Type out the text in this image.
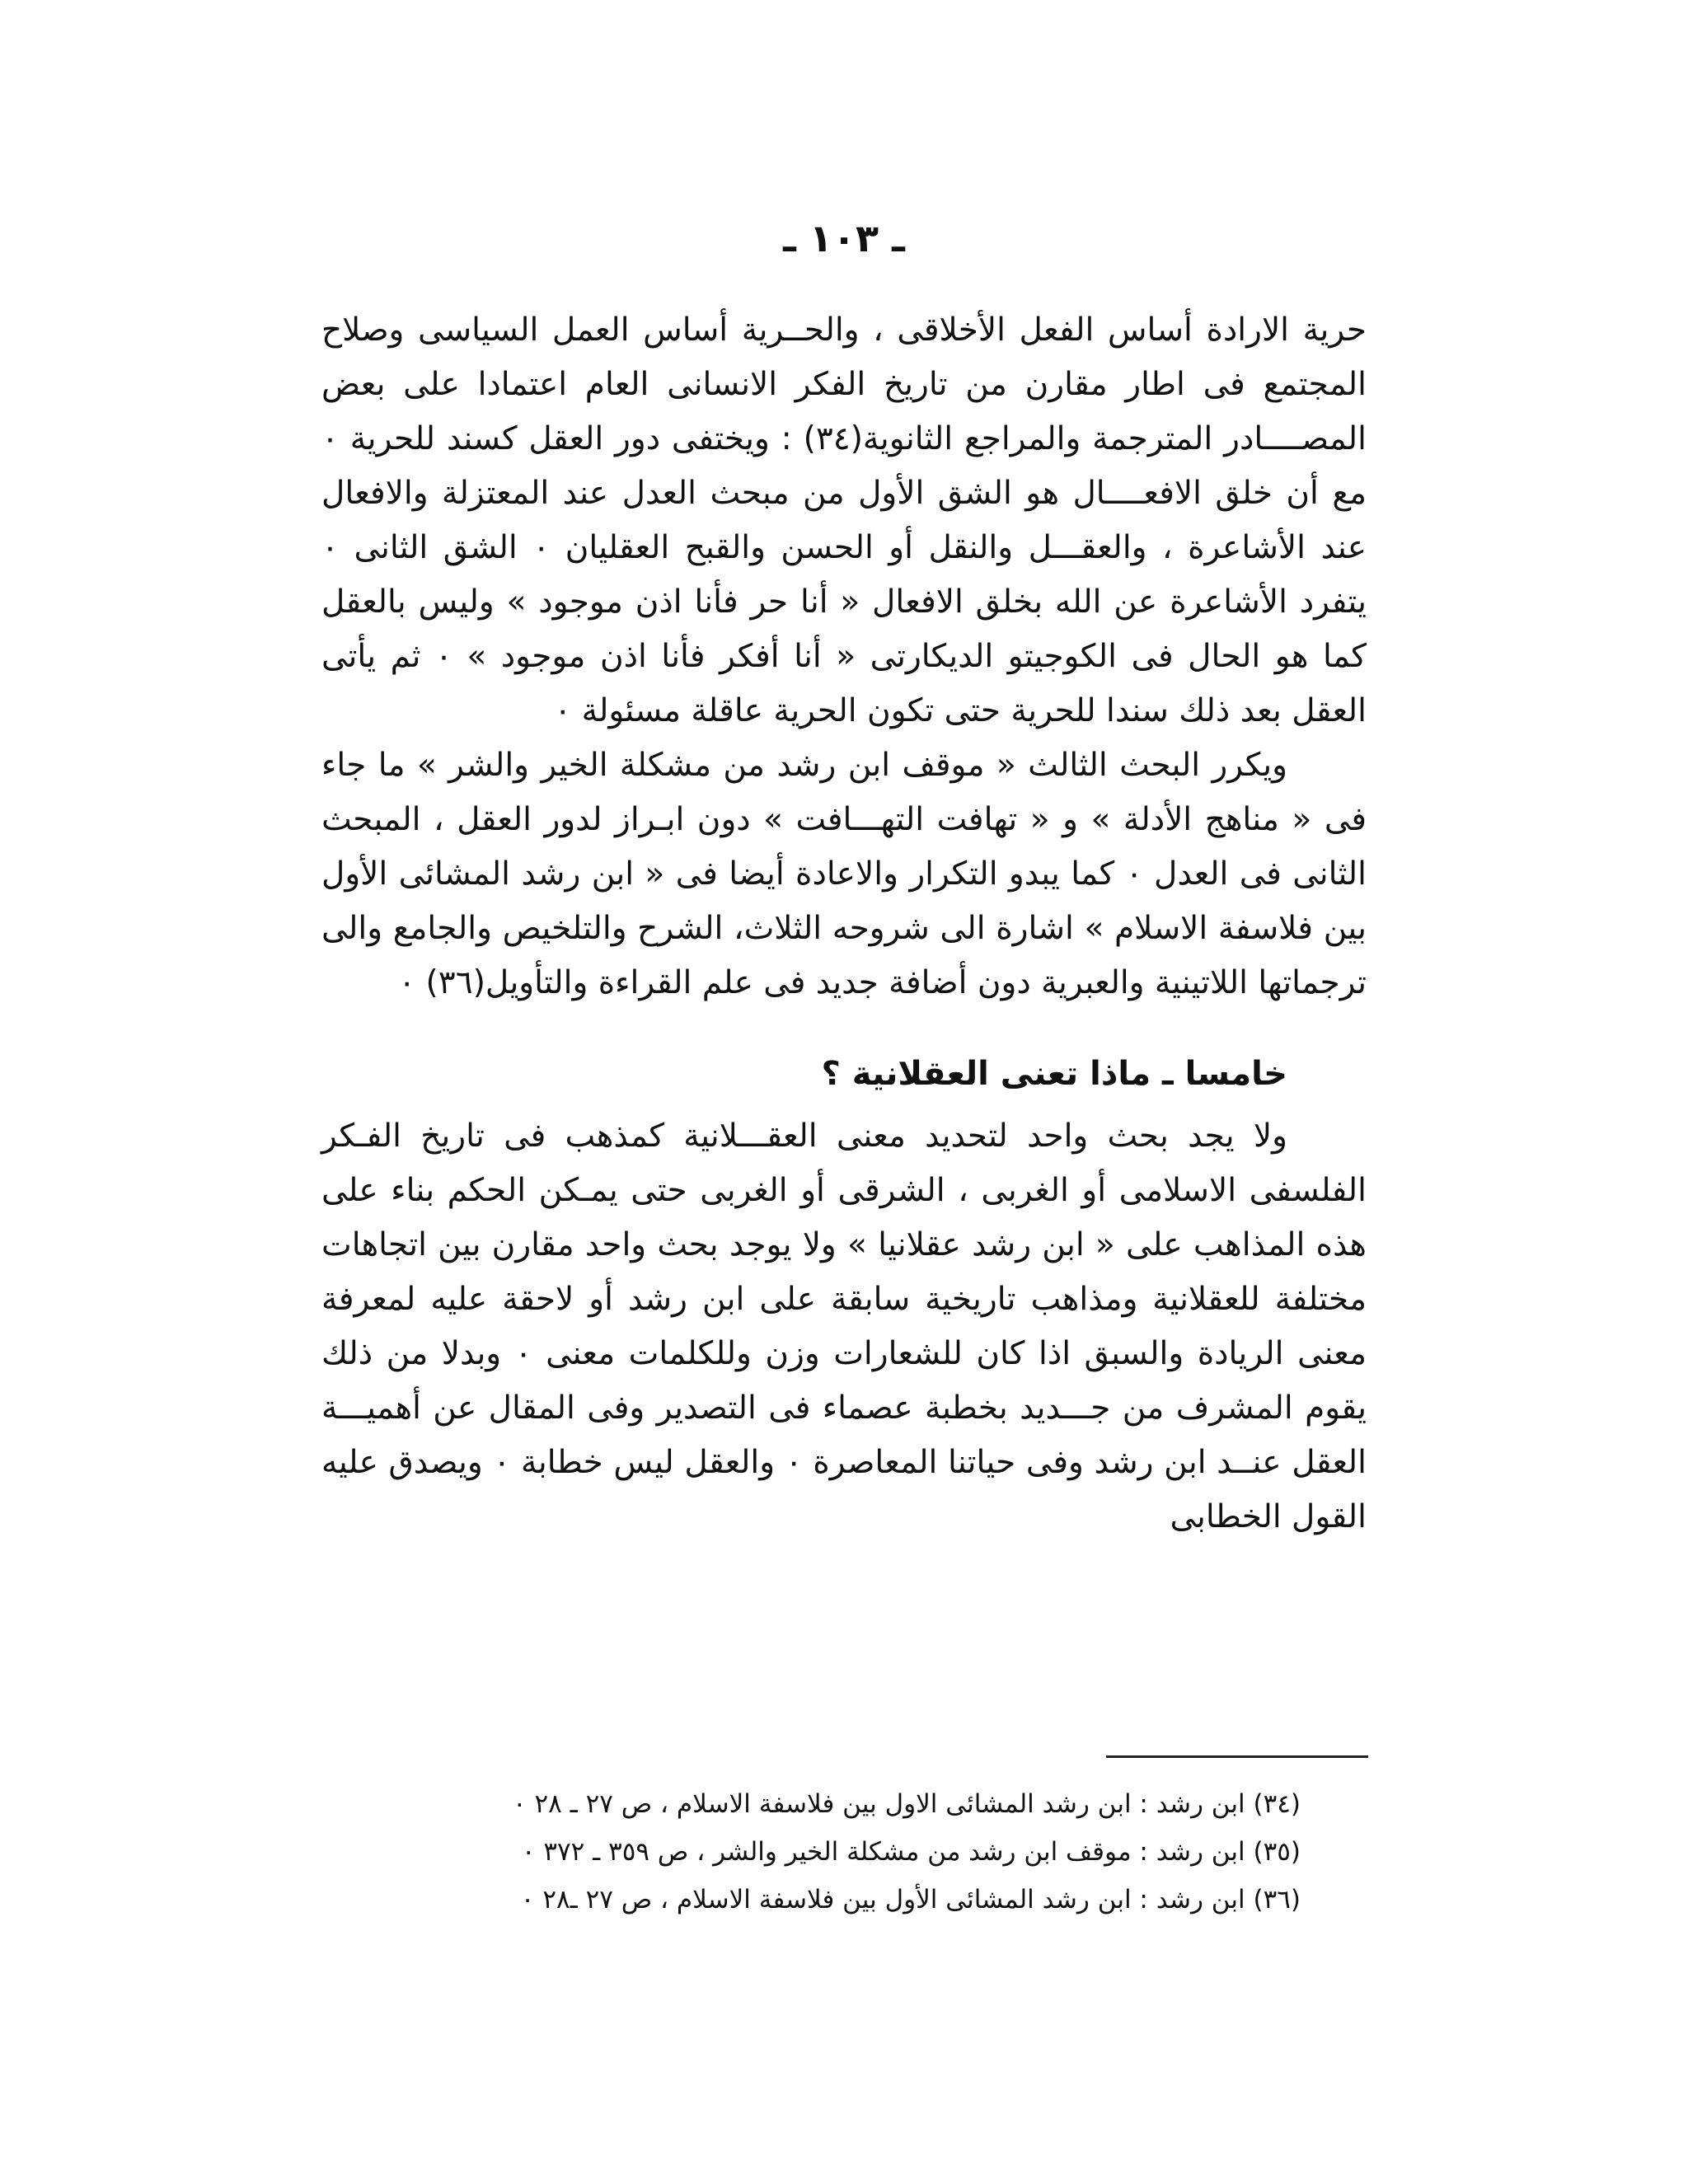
ـ ١٠٣ ـ

حرية الارادة أساس الفعل الأخلاقى ، والحــرية أساس العمل السياسى وصلاح المجتمع فى اطار مقارن من تاريخ الفكر الانسانى العام اعتمادا على بعض المصــــادر المترجمة والمراجع الثانوية(٣٤) : ويختفى دور العقل كسند للحرية ٠ مع أن خلق الافعــــال هو الشق الأول من مبحث العدل عند المعتزلة والافعال عند الأشاعرة ، والعقـــل والنقل أو الحسن والقبح العقليان ٠ الشق الثانى ٠ يتفرد الأشاعرة عن الله بخلق الافعال « أنا حر فأنا اذن موجود » وليس بالعقل كما هو الحال فى الكوجيتو الديكارتى « أنا أفكر فأنا اذن موجود » ٠ ثم يأتى العقل بعد ذلك سندا للحرية حتى تكون الحرية عاقلة مسئولة ٠

ويكرر البحث الثالث « موقف ابن رشد من مشكلة الخير والشر » ما جاء فى « مناهج الأدلة » و « تهافت التهـــافت » دون ابـراز لدور العقل ، المبحث الثانى فى العدل ٠ كما يبدو التكرار والاعادة أيضا فى « ابن رشد المشائى الأول بين فلاسفة الاسلام » اشارة الى شروحه الثلاث، الشرح والتلخيص والجامع والى ترجماتها اللاتينية والعبرية دون أضافة جديد فى علم القراءة والتأويل(٣٦) ٠

خامسا ـ ماذا تعنى العقلانية ؟

ولا يجد بحث واحد لتحديد معنى العقـــلانية كمذهب فى تاريخ الفـكر الفلسفى الاسلامى أو الغربى ، الشرقى أو الغربى حتى يمـكن الحكم بناء على هذه المذاهب على « ابن رشد عقلانيا » ولا يوجد بحث واحد مقارن بين اتجاهات مختلفة للعقلانية ومذاهب تاريخية سابقة على ابن رشد أو لاحقة عليه لمعرفة معنى الريادة والسبق اذا كان للشعارات وزن وللكلمات معنى ٠ وبدلا من ذلك يقوم المشرف من جـــديد بخطبة عصماء فى التصدير وفى المقال عن أهميـــة العقل عنــد ابن رشد وفى حياتنا المعاصرة ٠ والعقل ليس خطابة ٠ ويصدق عليه القول الخطابى

(٣٤) ابن رشد : ابن رشد المشائى الاول بين فلاسفة الاسلام ، ص ٢٧ ـ ٢٨ ٠

(٣٥) ابن رشد : موقف ابن رشد من مشكلة الخير والشر ، ص ٣٥٩ ـ ٣٧٢ ٠

(٣٦) ابن رشد : ابن رشد المشائى الأول بين فلاسفة الاسلام ، ص ٢٧ ـ٢٨ ٠
